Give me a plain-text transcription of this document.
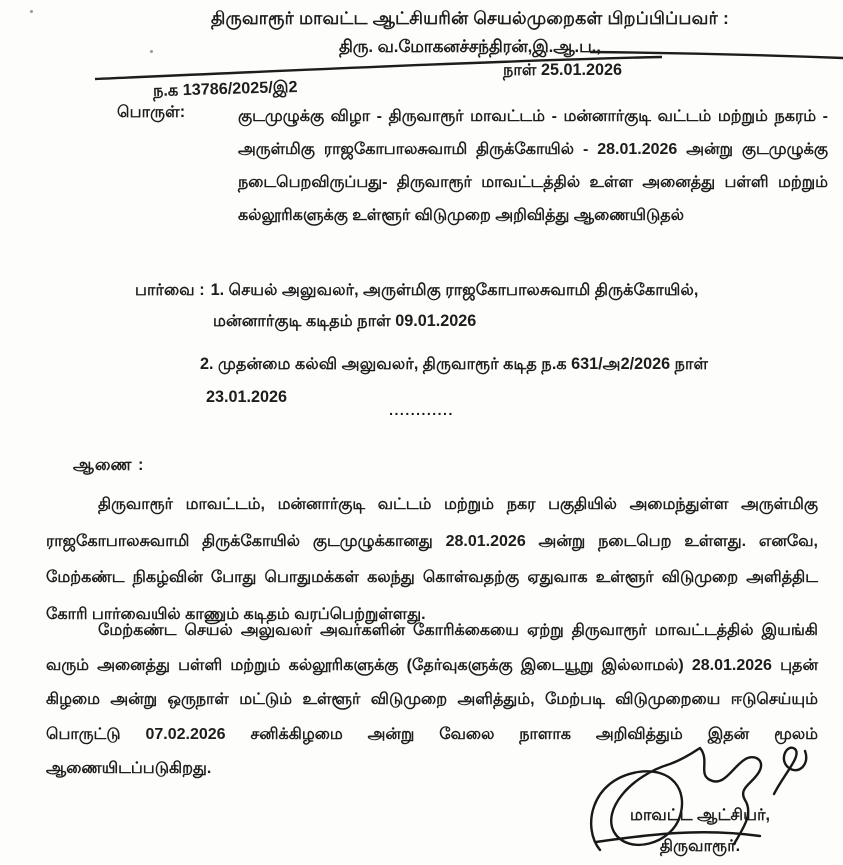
திருவாரூர் மாவட்ட ஆட்சியரின் செயல்முறைகள் பிறப்பிப்பவர் :
திரு. வ.மோகனச்சந்திரன்,இ.ஆ.ப.,
ந.க 13786/2025/இ2
நாள் 25.01.2026
பொருள்:	குடமுழுக்கு விழா - திருவாரூர் மாவட்டம் - மன்னார்குடி வட்டம் மற்றும் நகரம் - அருள்மிகு ராஜகோபாலசுவாமி திருக்கோயில் - 28.01.2026 அன்று குடமுழுக்கு நடைபெறவிருப்பது- திருவாரூர் மாவட்டத்தில் உள்ள அனைத்து பள்ளி மற்றும் கல்லூரிகளுக்கு உள்ளூர் விடுமுறை அறிவித்து ஆணையிடுதல்
பார்வை : 1. செயல் அலுவலர், அருள்மிகு ராஜகோபாலசுவாமி திருக்கோயில்,
மன்னார்குடி கடிதம் நாள் 09.01.2026
2. முதன்மை கல்வி அலுவலர், திருவாரூர் கடித ந.க 631/அ2/2026 நாள்
23.01.2026
............
ஆணை :

திருவாரூர் மாவட்டம், மன்னார்குடி வட்டம் மற்றும் நகர பகுதியில் அமைந்துள்ள அருள்மிகு ராஜகோபாலசுவாமி திருக்கோயில் குடமுழுக்கானது 28.01.2026 அன்று நடைபெற உள்ளது. எனவே, மேற்கண்ட நிகழ்வின் போது பொதுமக்கள் கலந்து கொள்வதற்கு ஏதுவாக உள்ளூர் விடுமுறை அளித்திட கோரி பார்வையில் காணும் கடிதம் வரப்பெற்றுள்ளது.

மேற்கண்ட செயல் அலுவலர் அவர்களின் கோரிக்கையை ஏற்று திருவாரூர் மாவட்டத்தில் இயங்கி வரும் அனைத்து பள்ளி மற்றும் கல்லூரிகளுக்கு (தேர்வுகளுக்கு இடையூறு இல்லாமல்) 28.01.2026 புதன் கிழமை அன்று ஒருநாள் மட்டும் உள்ளூர் விடுமுறை அளித்தும், மேற்படி விடுமுறையை ஈடுசெய்யும் பொருட்டு 07.02.2026 சனிக்கிழமை அன்று வேலை நாளாக அறிவித்தும் இதன் மூலம் ஆணையிடப்படுகிறது.

மாவட்ட ஆட்சியர்,
திருவாரூர்.
